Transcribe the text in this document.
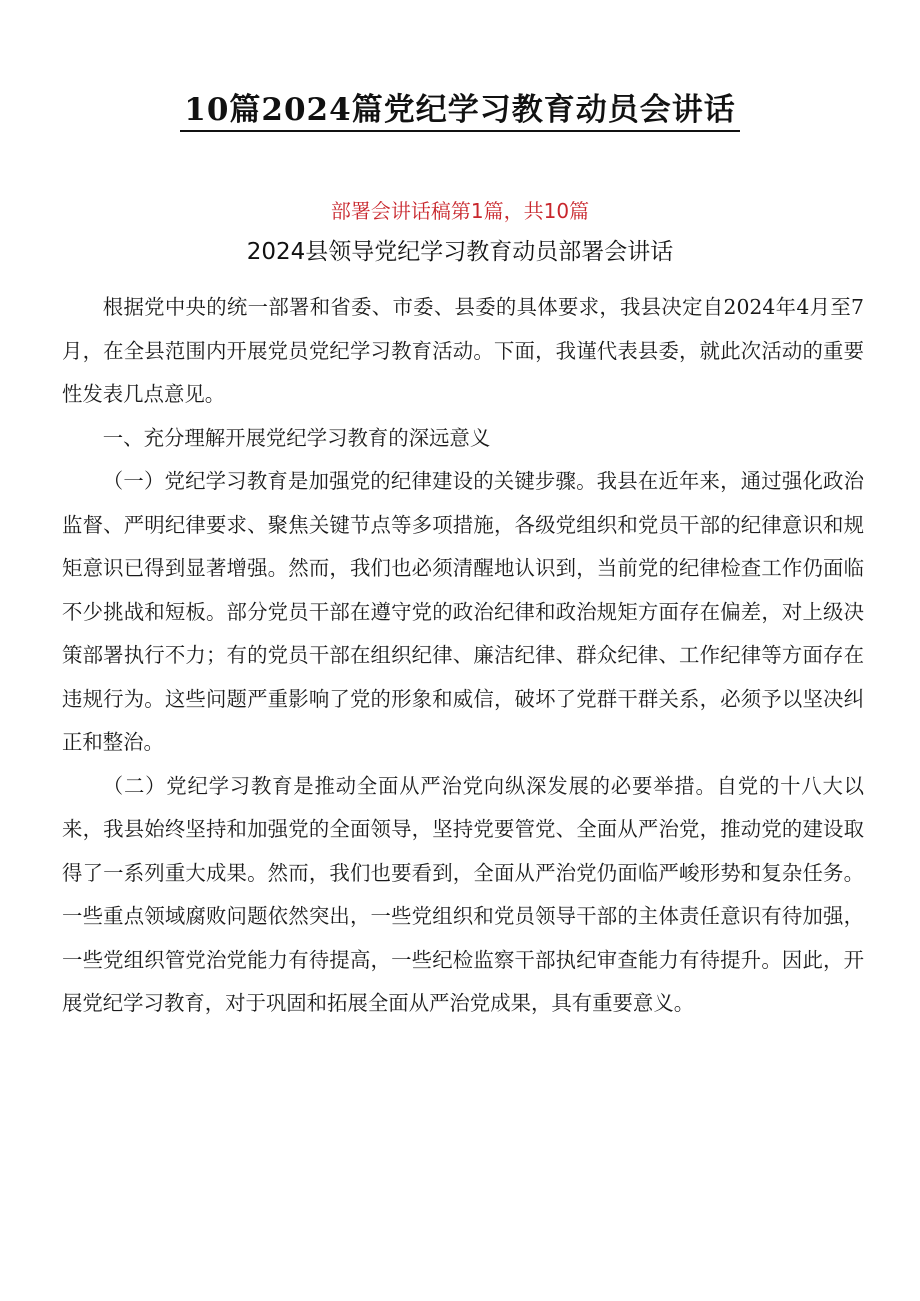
10篇2024篇党纪学习教育动员会讲话
部署会讲话稿第1篇，共10篇
2024县领导党纪学习教育动员部署会讲话

根据党中央的统一部署和省委、市委、县委的具体要求，我县决定自2024年4月至7月，在全县范围内开展党员党纪学习教育活动。下面，我谨代表县委，就此次活动的重要性发表几点意见。

一、充分理解开展党纪学习教育的深远意义

（一）党纪学习教育是加强党的纪律建设的关键步骤。我县在近年来，通过强化政治监督、严明纪律要求、聚焦关键节点等多项措施，各级党组织和党员干部的纪律意识和规矩意识已得到显著增强。然而，我们也必须清醒地认识到，当前党的纪律检查工作仍面临不少挑战和短板。部分党员干部在遵守党的政治纪律和政治规矩方面存在偏差，对上级决策部署执行不力；有的党员干部在组织纪律、廉洁纪律、群众纪律、工作纪律等方面存在违规行为。这些问题严重影响了党的形象和威信，破坏了党群干群关系，必须予以坚决纠正和整治。

（二）党纪学习教育是推动全面从严治党向纵深发展的必要举措。自党的十八大以来，我县始终坚持和加强党的全面领导，坚持党要管党、全面从严治党，推动党的建设取得了一系列重大成果。然而，我们也要看到，全面从严治党仍面临严峻形势和复杂任务。一些重点领域腐败问题依然突出，一些党组织和党员领导干部的主体责任意识有待加强，一些党组织管党治党能力有待提高，一些纪检监察干部执纪审查能力有待提升。因此，开展党纪学习教育，对于巩固和拓展全面从严治党成果，具有重要意义。
